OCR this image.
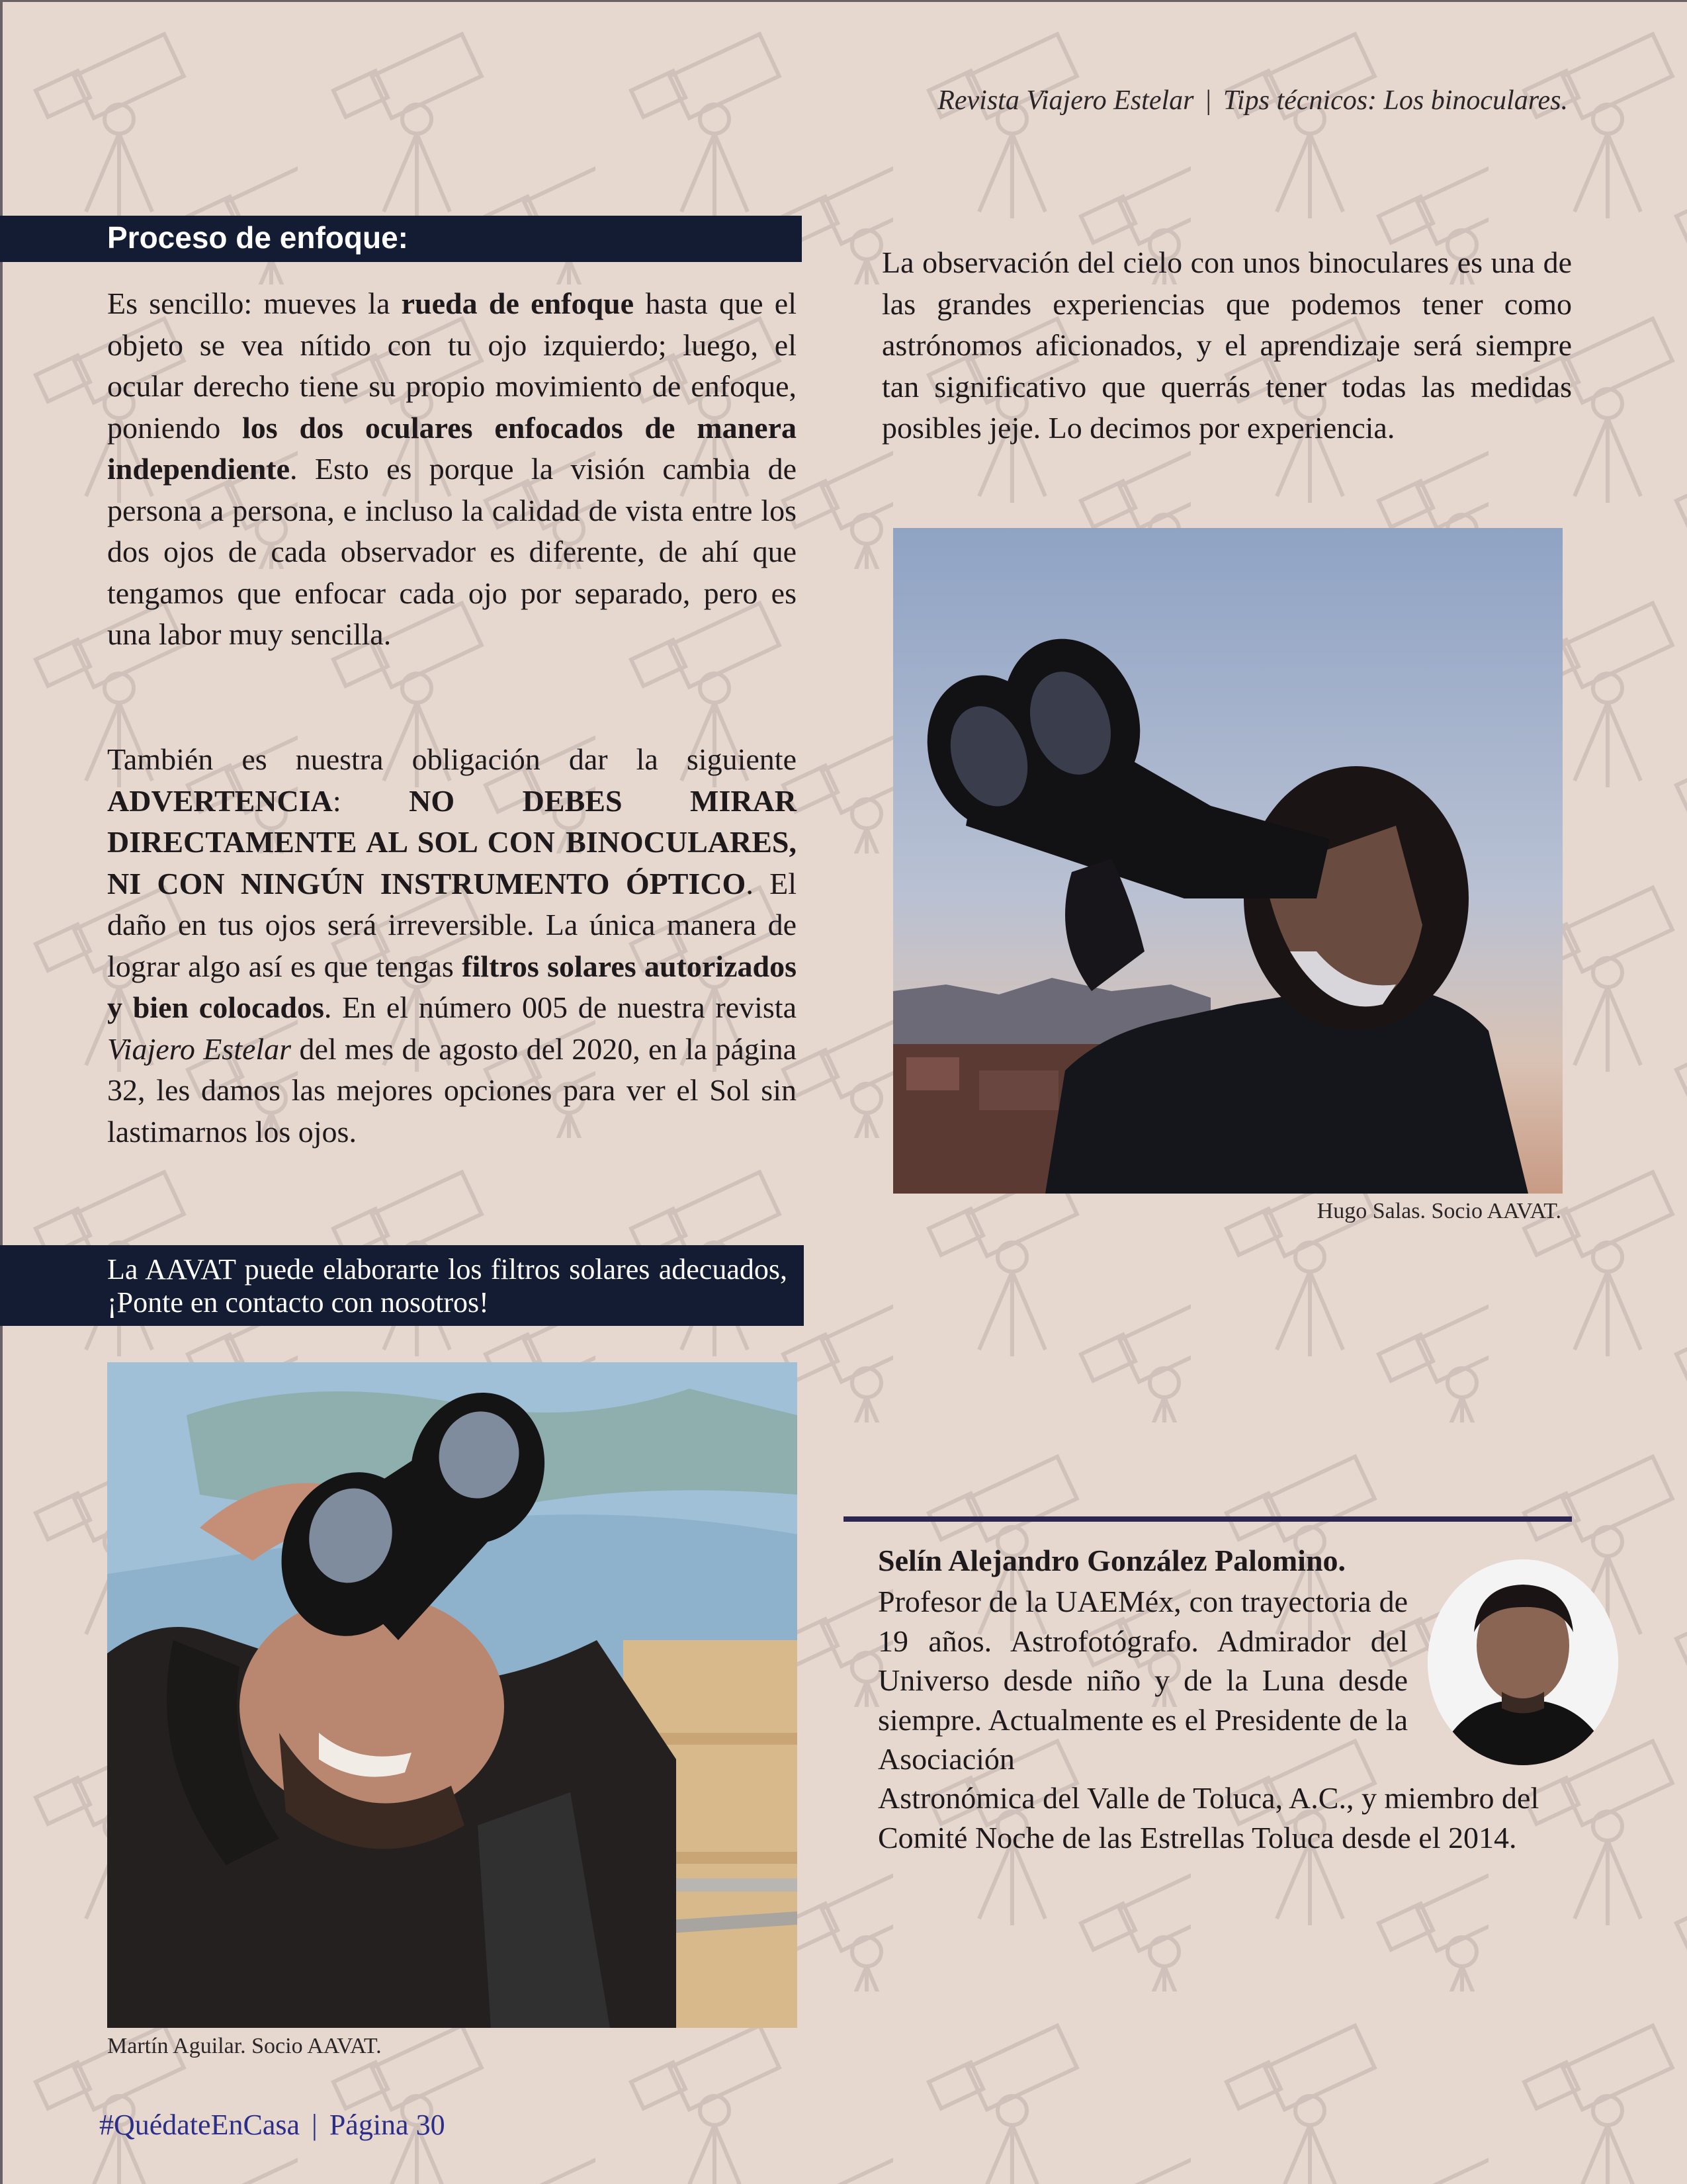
Revista Viajero Estelar | Tips técnicos: Los binoculares.
Proceso de enfoque:
Es sencillo: mueves la rueda de enfoque hasta que el objeto se vea nítido con tu ojo izquierdo; luego, el ocular derecho tiene su propio movimiento de enfoque, poniendo los dos oculares enfocados de manera independiente. Esto es porque la visión cambia de persona a persona, e incluso la calidad de vista entre los dos ojos de cada observador es diferente, de ahí que tengamos que enfocar cada ojo por separado, pero es una labor muy sencilla.
También es nuestra obligación dar la siguiente ADVERTENCIA: NO DEBES MIRAR DIRECTAMENTE AL SOL CON BINOCULARES, NI CON NINGÚN INSTRUMENTO ÓPTICO. El daño en tus ojos será irreversible. La única manera de lograr algo así es que tengas filtros solares autorizados y bien colocados. En el número 005 de nuestra revista Viajero Estelar del mes de agosto del 2020, en la página 32, les damos las mejores opciones para ver el Sol sin lastimarnos los ojos.
La AAVAT puede elaborarte los filtros solares adecuados, ¡Ponte en contacto con nosotros!
La observación del cielo con unos binoculares es una de las grandes experiencias que podemos tener como astrónomos aficionados, y el aprendizaje será siempre tan significativo que querrás tener todas las medidas posibles jeje. Lo decimos por experiencia.
Hugo Salas. Socio AAVAT.
Martín Aguilar. Socio AAVAT.
Selín Alejandro González Palomino.
Profesor de la UAEMéx, con trayectoria de 19 años. Astrofotógrafo. Admirador del Universo desde niño y de la Luna desde siempre. Actualmente es el Presidente de la Asociación
Astronómica del Valle de Toluca, A.C., y miembro del Comité Noche de las Estrellas Toluca desde el 2014.
#QuédateEnCasa | Página 30
